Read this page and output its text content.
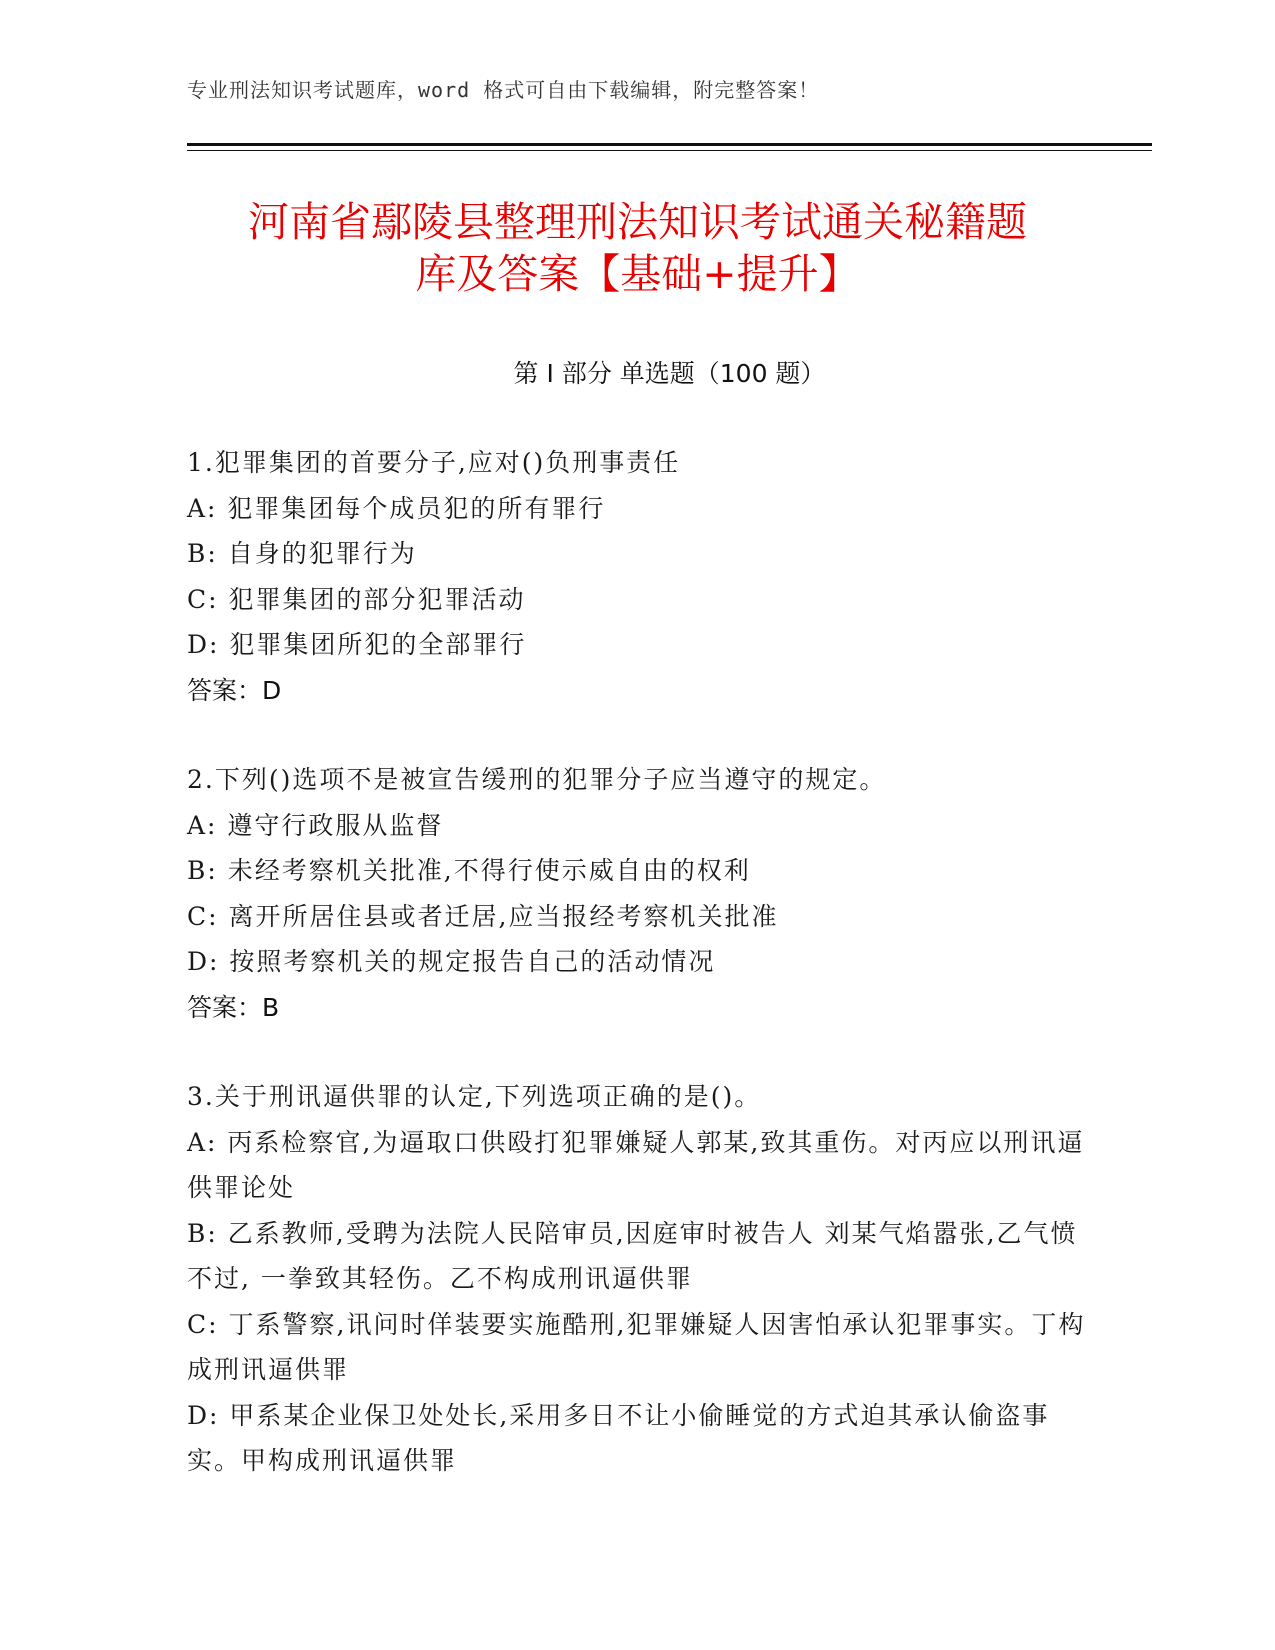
专业刑法知识考试题库，word 格式可自由下载编辑，附完整答案！
河南省鄢陵县整理刑法知识考试通关秘籍题
库及答案【基础+提升】
第 I 部分 单选题（100 题）
1.犯罪集团的首要分子,应对()负刑事责任
A: 犯罪集团每个成员犯的所有罪行
B: 自身的犯罪行为
C: 犯罪集团的部分犯罪活动
D: 犯罪集团所犯的全部罪行
答案：D
2.下列()选项不是被宣告缓刑的犯罪分子应当遵守的规定。
A: 遵守行政服从监督
B: 未经考察机关批准,不得行使示威自由的权利
C: 离开所居住县或者迁居,应当报经考察机关批准
D: 按照考察机关的规定报告自己的活动情况
答案：B
3.关于刑讯逼供罪的认定,下列选项正确的是()。
A: 丙系检察官,为逼取口供殴打犯罪嫌疑人郭某,致其重伤。对丙应以刑讯逼供罪论处
B: 乙系教师,受聘为法院人民陪审员,因庭审时被告人 刘某气焰嚣张,乙气愤不过, 一拳致其轻伤。乙不构成刑讯逼供罪
C: 丁系警察,讯问时佯装要实施酷刑,犯罪嫌疑人因害怕承认犯罪事实。丁构成刑讯逼供罪
D: 甲系某企业保卫处处长,采用多日不让小偷睡觉的方式迫其承认偷盗事实。甲构成刑讯逼供罪
